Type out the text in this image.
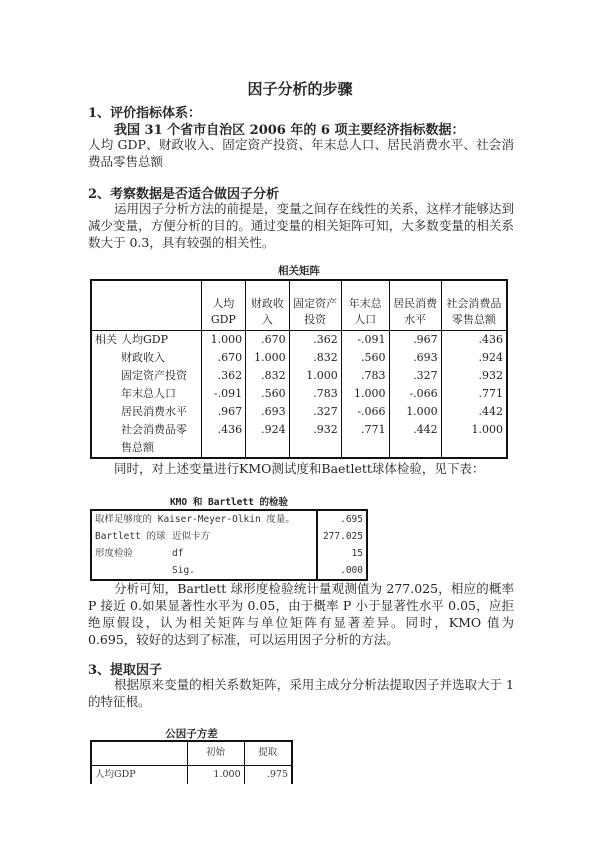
因子分析的步骤
1、评价指标体系：
我国 31 个省市自治区 2006 年的 6 项主要经济指标数据：
人均 GDP、财政收入、固定资产投资、年末总人口、居民消费水平、社会消费品零售总额
2、考察数据是否适合做因子分析
运用因子分析方法的前提是，变量之间存在线性的关系，这样才能够达到减少变量，方便分析的目的。通过变量的相关矩阵可知，大多数变量的相关系数大于 0.3，具有较强的相关性。
相关矩阵
	人均GDP	财政收入	固定资产投资	年末总人口	居民消费水平	社会消费品零售总额
相关 人均GDP	1.000	.670	.362	-.091	.967	.436
财政收入	.670	1.000	.832	.560	.693	.924
固定资产投资	.362	.832	1.000	.783	.327	.932
年末总人口	-.091	.560	.783	1.000	-.066	.771
居民消费水平	.967	.693	.327	-.066	1.000	.442
社会消费品零售总额	.436	.924	.932	.771	.442	1.000
同时，对上述变量进行KMO测试度和Baetlett球体检验，见下表：
KMO 和 Bartlett 的检验
取样足够度的 Kaiser-Meyer-Olkin 度量。		.695
Bartlett 的球形度检验	近似卡方	277.025
	df	15
	Sig.	.000
分析可知，Bartlett 球形度检验统计量观测值为 277.025，相应的概率 P 接近 0.如果显著性水平为 0.05，由于概率 P 小于显著性水平 0.05，应拒绝原假设，认为相关矩阵与单位矩阵有显著差异。同时，KMO 值为 0.695，较好的达到了标准，可以运用因子分析的方法。
3、提取因子
根据原来变量的相关系数矩阵，采用主成分分析法提取因子并选取大于 1 的特征根。
公因子方差
	初始	提取
人均GDP	1.000	.975
